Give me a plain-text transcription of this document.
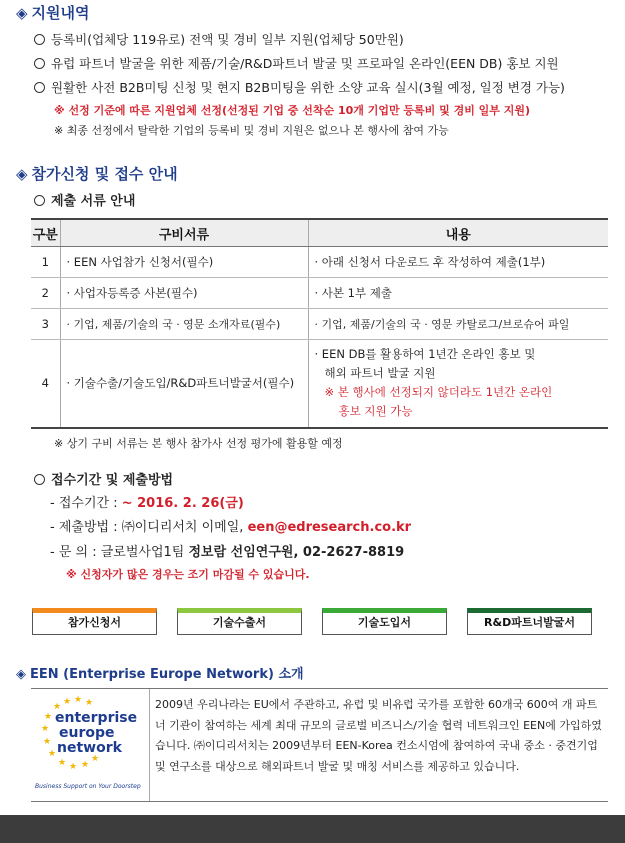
◈ 지원내역
등록비(업체당 119유로) 전액 및 경비 일부 지원(업체당 50만원)
유럽 파트너 발굴을 위한 제품/기술/R&D파트너 발굴 및 프로파일 온라인(EEN DB) 홍보 지원
원활한 사전 B2B미팅 신청 및 현지 B2B미팅을 위한 소양 교육 실시(3월 예정, 일정 변경 가능)
※ 선정 기준에 따른 지원업체 선정(선정된 기업 중 선착순 10개 기업만 등록비 및 경비 일부 지원)
※ 최종 선정에서 탈락한 기업의 등록비 및 경비 지원은 없으나 본 행사에 참여 가능
◈ 참가신청 및 접수 안내
제출 서류 안내
구분	구비서류	내용
1	· EEN 사업참가 신청서(필수)	· 아래 신청서 다운로드 후 작성하여 제출(1부)
2	· 사업자등록증 사본(필수)	· 사본 1부 제출
3	· 기업, 제품/기술의 국 · 영문 소개자료(필수)	· 기업, 제품/기술의 국 · 영문 카탈로그/브로슈어 파일
4	· 기술수출/기술도입/R&D파트너발굴서(필수)	· EEN DB를 활용하여 1년간 온라인 홍보 및
해외 파트너 발굴 지원
※ 본 행사에 선정되지 않더라도 1년간 온라인
홍보 지원 가능
※ 상기 구비 서류는 본 행사 참가사 선정 평가에 활용할 예정
접수기간 및 제출방법
- 접수기간 : ~ 2016. 2. 26(금)
- 제출방법 : ㈜이디리서치 이메일, een@edresearch.co.kr
- 문 의 : 글로벌사업1팀 정보람 선임연구원, 02-2627-8819
※ 신청자가 많은 경우는 조기 마감될 수 있습니다.
참가신청서	기술수출서	기술도입서	R&D파트너발굴서
◈ EEN (Enterprise Europe Network) 소개
★ ★ ★ ★
★
★
★
★
★ ★ ★
★
enterprise
europe
network
Business Support on Your Doorstep
2009년 우리나라는 EU에서 주관하고, 유럽 및 비유럽 국가를 포함한 60개국 600여 개 파트너 기관이 참여하는 세계 최대 규모의 글로벌 비즈니스/기술 협력 네트워크인 EEN에 가입하였습니다. ㈜이디리서치는 2009년부터 EEN-Korea 컨소시엄에 참여하여 국내 중소 · 중견기업 및 연구소를 대상으로 해외파트너 발굴 및 매칭 서비스를 제공하고 있습니다.
